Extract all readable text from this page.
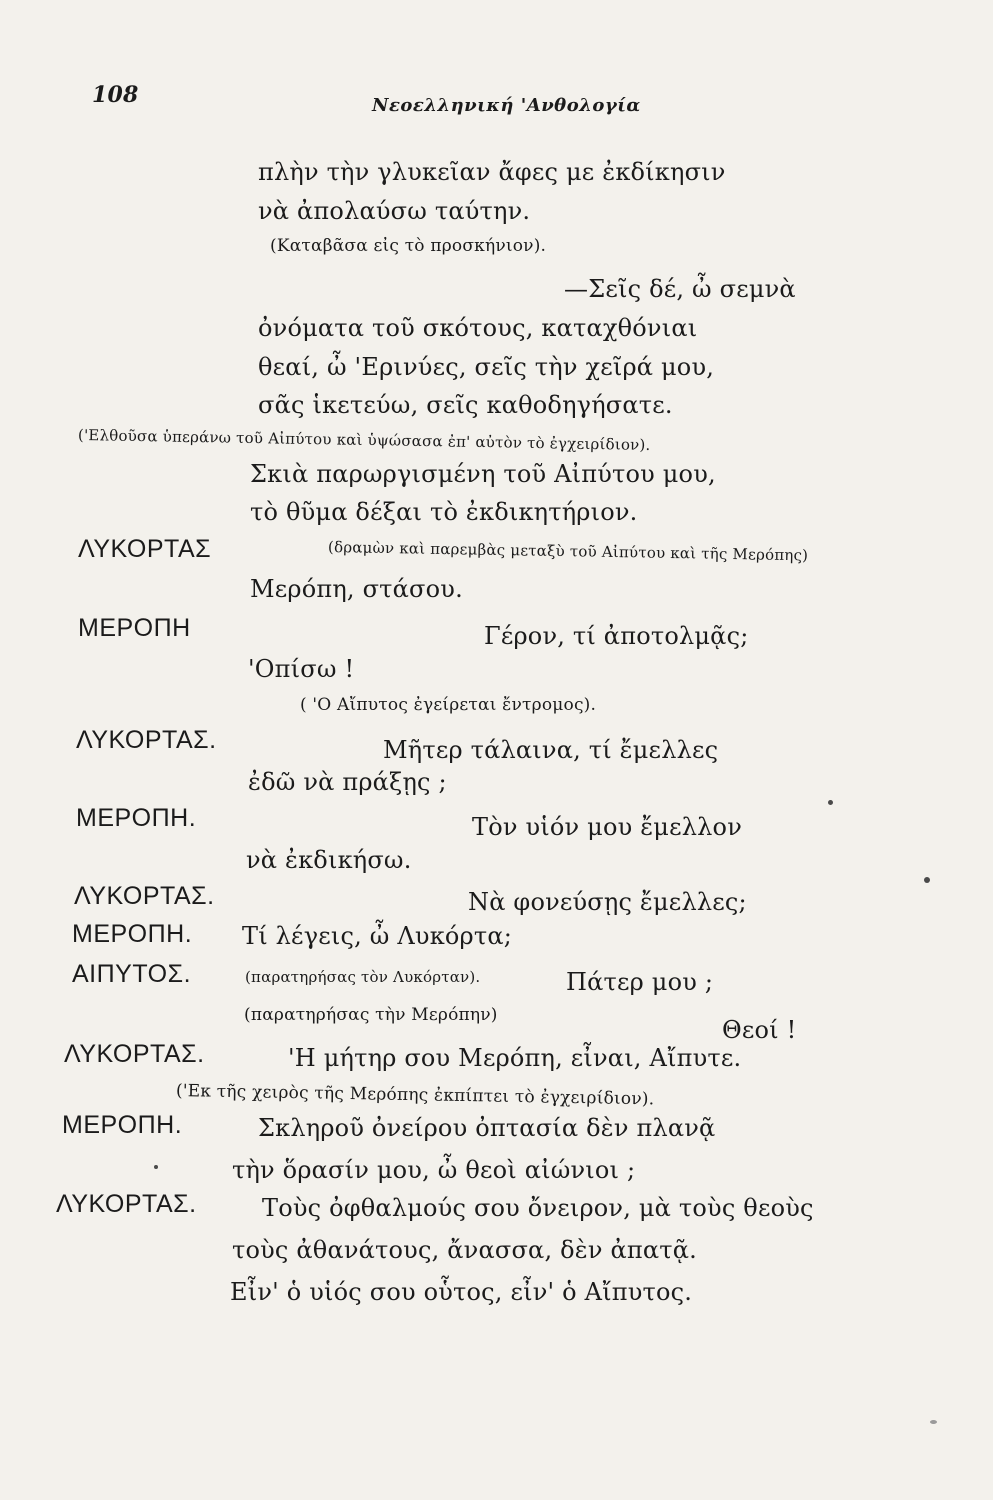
108	Νεοελληνική 'Ανθολογία
πλὴν τὴν γλυκεῖαν ἄφες με ἐκδίκησιν
νὰ ἀπολαύσω ταύτην.
(Καταβᾶσα εἰς τὸ προσκήνιον).
—Σεῖς δέ, ὦ σεμνὰ
ὀνόματα τοῦ σκότους, καταχθόνιαι
θεαί, ὦ 'Ερινύες, σεῖς τὴν χεῖρά μου,
σᾶς ἱκετεύω, σεῖς καθοδηγήσατε.
('Ελθοῦσα ὑπεράνω τοῦ Αἰπύτου καὶ ὑψώσασα ἐπ' αὐτὸν τὸ ἐγχειρίδιον).
Σκιὰ παρωργισμένη τοῦ Αἰπύτου μου,
τὸ θῦμα δέξαι τὸ ἐκδικητήριον.
ΛΥΚΟΡΤΑΣ	(δραμὼν καὶ παρεμβὰς μεταξὺ τοῦ Αἰπύτου καὶ τῆς Μερόπης)
Μερόπη, στάσου.
ΜΕΡΟΠΗ	Γέρον, τί ἀποτολμᾷς;
'Οπίσω !
( 'Ο Αἴπυτος ἐγείρεται ἔντρομος).
ΛΥΚΟΡΤΑΣ.	Μῆτερ τάλαινα, τί ἔμελλες
ἐδῶ νὰ πράξῃς ;
ΜΕΡΟΠΗ.	Τὸν υἱόν μου ἔμελλον
νὰ ἐκδικήσω.
ΛΥΚΟΡΤΑΣ.	Νὰ φονεύσῃς ἔμελλες;
ΜΕΡΟΠΗ. Τί λέγεις, ὦ Λυκόρτα;
ΑΙΠΥΤΟΣ.	(παρατηρήσας τὸν Λυκόρταν).	Πάτερ μου ;
(παρατηρήσας τὴν Μερόπην)
Θεοί !
ΛΥΚΟΡΤΑΣ.	'Η μήτηρ σου Μερόπη, εἶναι, Αἴπυτε.
('Εκ τῆς χειρὸς τῆς Μερόπης ἐκπίπτει τὸ ἐγχειρίδιον).
ΜΕΡΟΠΗ.	Σκληροῦ ὀνείρου ὀπτασία δὲν πλανᾷ
τὴν ὅρασίν μου, ὦ θεοὶ αἰώνιοι ;
ΛΥΚΟΡΤΑΣ.	Τοὺς ὀφθαλμούς σου ὄνειρον, μὰ τοὺς θεοὺς
τοὺς ἀθανάτους, ἄνασσα, δὲν ἀπατᾷ.
Εἶν' ὁ υἱός σου οὗτος, εἶν' ὁ Αἴπυτος.
